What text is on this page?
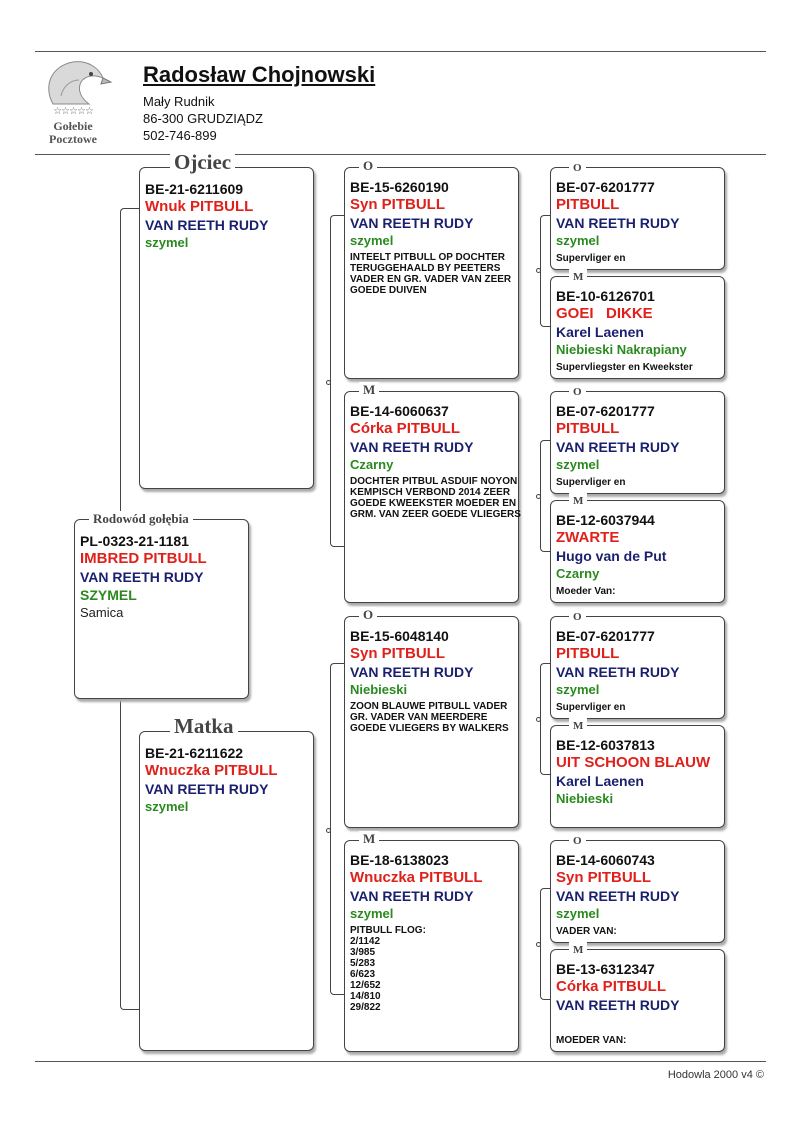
☆☆☆☆☆
Gołebie
Pocztowe
Radosław Chojnowski
Mały Rudnik
86-300 GRUDZIĄDZ
502-746-899
Rodowód gołębia
PL-0323-21-1181
IMBRED PITBULL
VAN REETH RUDY
SZYMEL
Samica
Ojciec
BE-21-6211609
Wnuk PITBULL
VAN REETH RUDY
szymel
Matka
BE-21-6211622
Wnuczka PITBULL
VAN REETH RUDY
szymel
O
BE-15-6260190
Syn PITBULL
VAN REETH RUDY
szymel
INTEELT PITBULL OP DOCHTER TERUGGEHAALD BY PEETERS VADER EN GR. VADER VAN ZEER GOEDE DUIVEN
M
BE-14-6060637
Córka PITBULL
VAN REETH RUDY
Czarny
DOCHTER PITBUL ASDUIF NOYON KEMPISCH VERBOND 2014 ZEER GOEDE KWEEKSTER MOEDER EN GRM. VAN ZEER GOEDE VLIEGERS
O
BE-15-6048140
Syn PITBULL
VAN REETH RUDY
Niebieski
ZOON BLAUWE PITBULL VADER GR. VADER VAN MEERDERE GOEDE VLIEGERS BY WALKERS
M
BE-18-6138023
Wnuczka PITBULL
VAN REETH RUDY
szymel
PITBULL FLOG:
2/1142
3/985
5/283
6/623
12/652
14/810
29/822
O
BE-07-6201777
PITBULL
VAN REETH RUDY
szymel
Supervliger en
M
BE-10-6126701
GOEI   DIKKE
Karel Laenen
Niebieski Nakrapiany
Supervliegster en Kweekster
O
BE-07-6201777
PITBULL
VAN REETH RUDY
szymel
Supervliger en
M
BE-12-6037944
ZWARTE
Hugo van de Put
Czarny
Moeder Van:
O
BE-07-6201777
PITBULL
VAN REETH RUDY
szymel
Supervliger en
M
BE-12-6037813
UIT SCHOON BLAUW
Karel Laenen
Niebieski
O
BE-14-6060743
Syn PITBULL
VAN REETH RUDY
szymel
VADER VAN:
M
BE-13-6312347
Córka PITBULL
VAN REETH RUDY
MOEDER VAN:
Hodowla 2000 v4 ©
